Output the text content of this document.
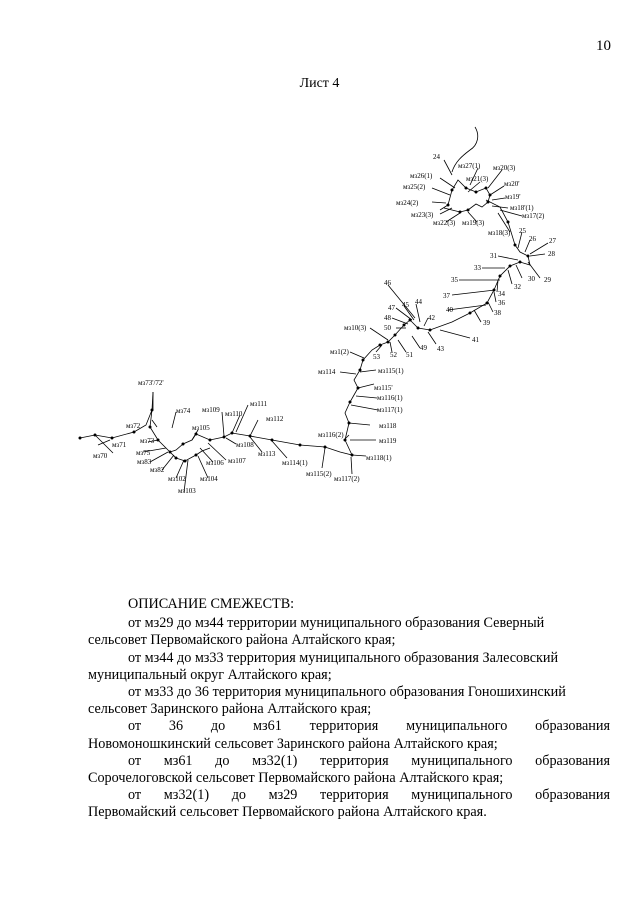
10
Лист 4
24
мз27(1) мз20(3)
мз26(1)	мз21(3)
мз25(2)	мз20'
мз19'
мз24(2)
мз18'(1)
мз23(3)	мз17(2)
мз22(3) мз19(3)
мз18(3) 25
26 27
28
31
33
30 29
32
34
35
36
37
38
39
40
46
47 45 44
42
48
41
50
43
49
мз10(3)
53 52 51
мз1(2)
мз114	мз115(1)
мз115'
мз73'/72'
мз116(1)
мз111
мз74 мз109	мз117(1)
мз110
мз112
мз72	мз118
мз116(2)
мз105
мз119
мз73	мз108
мз113
мз71
мз75
мз107
мз106	мз114(1)
мз118(1)
мз70
мз83
мз115(2)
мз82
мз102 мз104	мз117(2)
мз103
ОПИСАНИЕ СМЕЖЕСТВ:

от мз29 до мз44 территории муниципального образования Северный

сельсовет Первомайского района Алтайского края;

от мз44 до мз33 территория муниципального образования Залесовский

муниципальный округ Алтайского края;

от мз33 до 36 территория муниципального образования Гоношихинский

сельсовет Заринского района Алтайского края;

от 36 до мз61 территория муниципального образования

Новомоношкинский сельсовет Заринского района Алтайского края;

от мз61 до мз32(1) территория муниципального образования

Сорочелоговской сельсовет Первомайского района Алтайского края;

от мз32(1) до мз29 территория муниципального образования

Первомайский сельсовет Первомайского района Алтайского края.
